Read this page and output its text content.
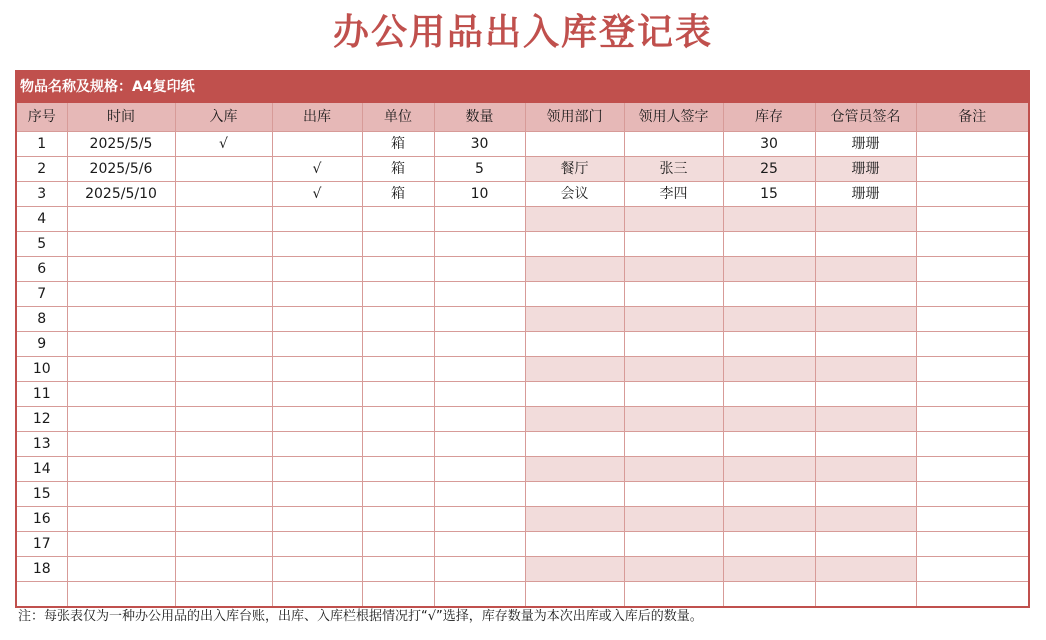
办公用品出入库登记表
物品名称及规格：A4复印纸
序号	时间	入库	出库	单位	数量	领用部门	领用人签字	库存	仓管员签名	备注
1	2025/5/5	√		箱	30			30	珊珊	
2	2025/5/6		√	箱	5	餐厅	张三	25	珊珊	
3	2025/5/10		√	箱	10	会议	李四	15	珊珊	
4										
5										
6										
7										
8										
9										
10										
11										
12										
13										
14										
15										
16										
17										
18										

注：每张表仅为一种办公用品的出入库台账，出库、入库栏根据情况打“√”选择，库存数量为本次出库或入库后的数量。
